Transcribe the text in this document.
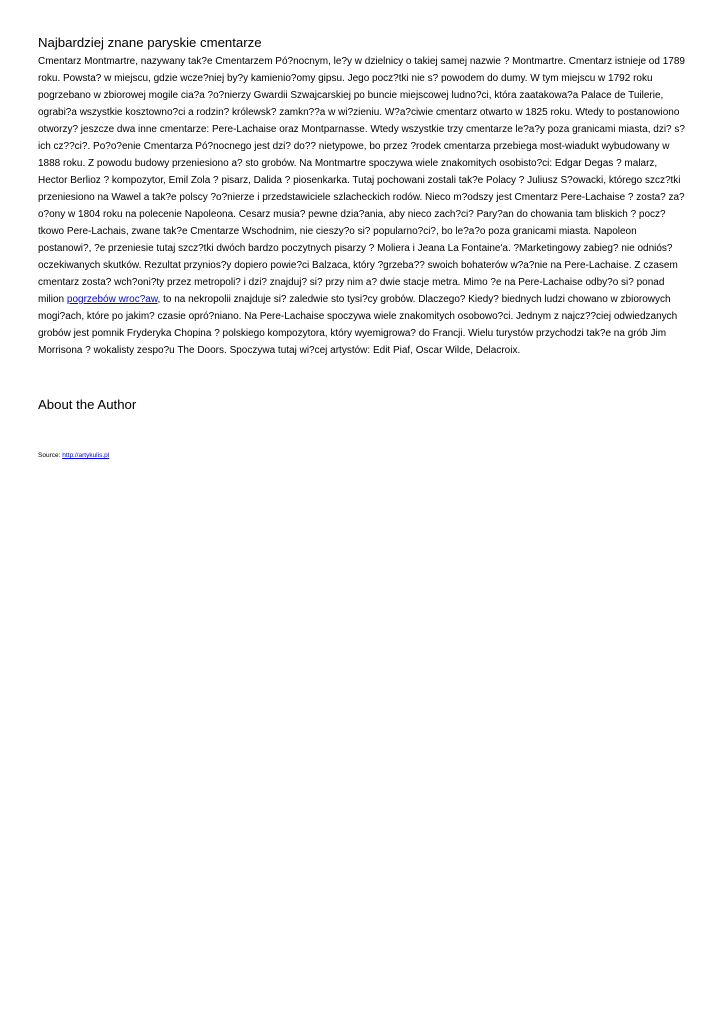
Najbardziej znane paryskie cmentarze

Cmentarz Montmartre, nazywany tak?e Cmentarzem Pó?nocnym, le?y w dzielnicy o takiej samej nazwie ? Montmartre. Cmentarz istnieje od 1789 roku. Powsta? w miejscu, gdzie wcze?niej by?y kamienio?omy gipsu. Jego pocz?tki nie s? powodem do dumy. W tym miejscu w 1792 roku pogrzebano w zbiorowej mogile cia?a ?o?nierzy Gwardii Szwajcarskiej po buncie miejscowej ludno?ci, która zaatakowa?a Palace de Tuilerie, ograbi?a wszystkie kosztowno?ci a rodzin? królewsk? zamkn??a w wi?zieniu. W?a?ciwie cmentarz otwarto w 1825 roku. Wtedy to postanowiono otworzy? jeszcze dwa inne cmentarze: Pere-Lachaise oraz Montparnasse. Wtedy wszystkie trzy cmentarze le?a?y poza granicami miasta, dzi? s? ich cz??ci?. Po?o?enie Cmentarza Pó?nocnego jest dzi? do?? nietypowe, bo przez ?rodek cmentarza przebiega most-wiadukt wybudowany w 1888 roku. Z powodu budowy przeniesiono a? sto grobów. Na Montmartre spoczywa wiele znakomitych osobisto?ci: Edgar Degas ? malarz, Hector Berlioz ? kompozytor, Emil Zola ? pisarz, Dalida ? piosenkarka. Tutaj pochowani zostali tak?e Polacy ? Juliusz S?owacki, którego szcz?tki przeniesiono na Wawel a tak?e polscy ?o?nierze i przedstawiciele szlacheckich rodów. Nieco m?odszy jest Cmentarz Pere-Lachaise ? zosta? za?o?ony w 1804 roku na polecenie Napoleona. Cesarz musia? pewne dzia?ania, aby nieco zach?ci? Pary?an do chowania tam bliskich ? pocz?tkowo Pere-Lachais, zwane tak?e Cmentarze Wschodnim, nie cieszy?o si? popularno?ci?, bo le?a?o poza granicami miasta. Napoleon postanowi?, ?e przeniesie tutaj szcz?tki dwóch bardzo poczytnych pisarzy ? Moliera i Jeana La Fontaine'a. ?Marketingowy zabieg? nie odniós? oczekiwanych skutków. Rezultat przynios?y dopiero powie?ci Balzaca, który ?grzeba?? swoich bohaterów w?a?nie na Pere-Lachaise. Z czasem cmentarz zosta? wch?oni?ty przez metropoli? i dzi? znajduj? si? przy nim a? dwie stacje metra. Mimo ?e na Pere-Lachaise odby?o si? ponad milion pogrzebów wroc?aw, to na nekropolii znajduje si? zaledwie sto tysi?cy grobów. Dlaczego? Kiedy? biednych ludzi chowano w zbiorowych mogi?ach, które po jakim? czasie opró?niano. Na Pere-Lachaise spoczywa wiele znakomitych osobowo?ci. Jednym z najcz??ciej odwiedzanych grobów jest pomnik Fryderyka Chopina ? polskiego kompozytora, który wyemigrowa? do Francji. Wielu turystów przychodzi tak?e na grób Jim Morrisona ? wokalisty zespo?u The Doors. Spoczywa tutaj wi?cej artystów: Edit Piaf, Oscar Wilde, Delacroix.

About the Author
Source: http://artykulis.pl
